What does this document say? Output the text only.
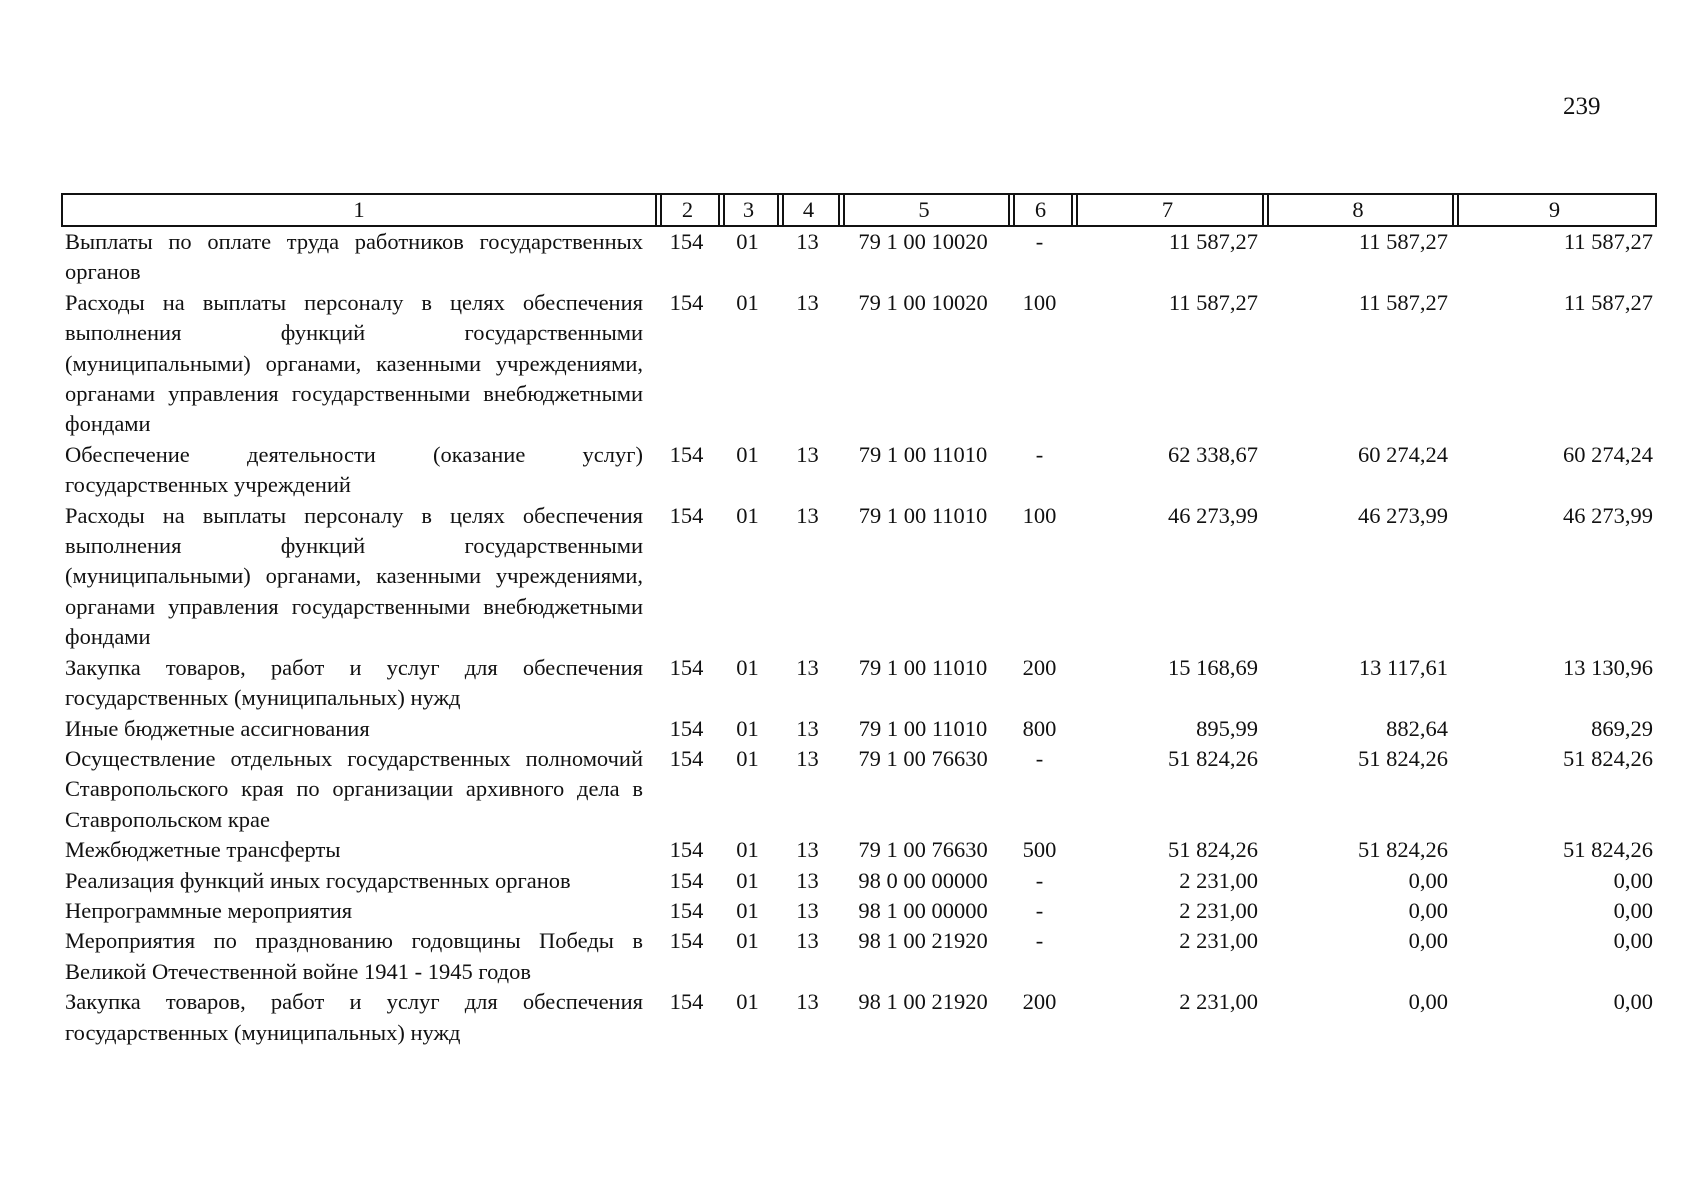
239
1	2	3	4	5	6	7	8	9
Выплаты по оплате труда работников государственных органов	154	01	13	79 1 00 10020	-	11 587,27	11 587,27	11 587,27
Расходы на выплаты персоналу в целях обеспечения выполнения функций государственными (муниципальными) органами, казенными учреждениями, органами управления государственными внебюджетными фондами	154	01	13	79 1 00 10020	100	11 587,27	11 587,27	11 587,27
Обеспечение деятельности (оказание услуг) государственных учреждений	154	01	13	79 1 00 11010	-	62 338,67	60 274,24	60 274,24
Расходы на выплаты персоналу в целях обеспечения выполнения функций государственными (муниципальными) органами, казенными учреждениями, органами управления государственными внебюджетными фондами	154	01	13	79 1 00 11010	100	46 273,99	46 273,99	46 273,99
Закупка товаров, работ и услуг для обеспечения государственных (муниципальных) нужд	154	01	13	79 1 00 11010	200	15 168,69	13 117,61	13 130,96
Иные бюджетные ассигнования	154	01	13	79 1 00 11010	800	895,99	882,64	869,29
Осуществление отдельных государственных полномочий Ставропольского края по организации архивного дела в Ставропольском крае	154	01	13	79 1 00 76630	-	51 824,26	51 824,26	51 824,26
Межбюджетные трансферты	154	01	13	79 1 00 76630	500	51 824,26	51 824,26	51 824,26
Реализация функций иных государственных органов	154	01	13	98 0 00 00000	-	2 231,00	0,00	0,00
Непрограммные мероприятия	154	01	13	98 1 00 00000	-	2 231,00	0,00	0,00
Мероприятия по празднованию годовщины Победы в Великой Отечественной войне 1941 - 1945 годов	154	01	13	98 1 00 21920	-	2 231,00	0,00	0,00
Закупка товаров, работ и услуг для обеспечения государственных (муниципальных) нужд	154	01	13	98 1 00 21920	200	2 231,00	0,00	0,00
